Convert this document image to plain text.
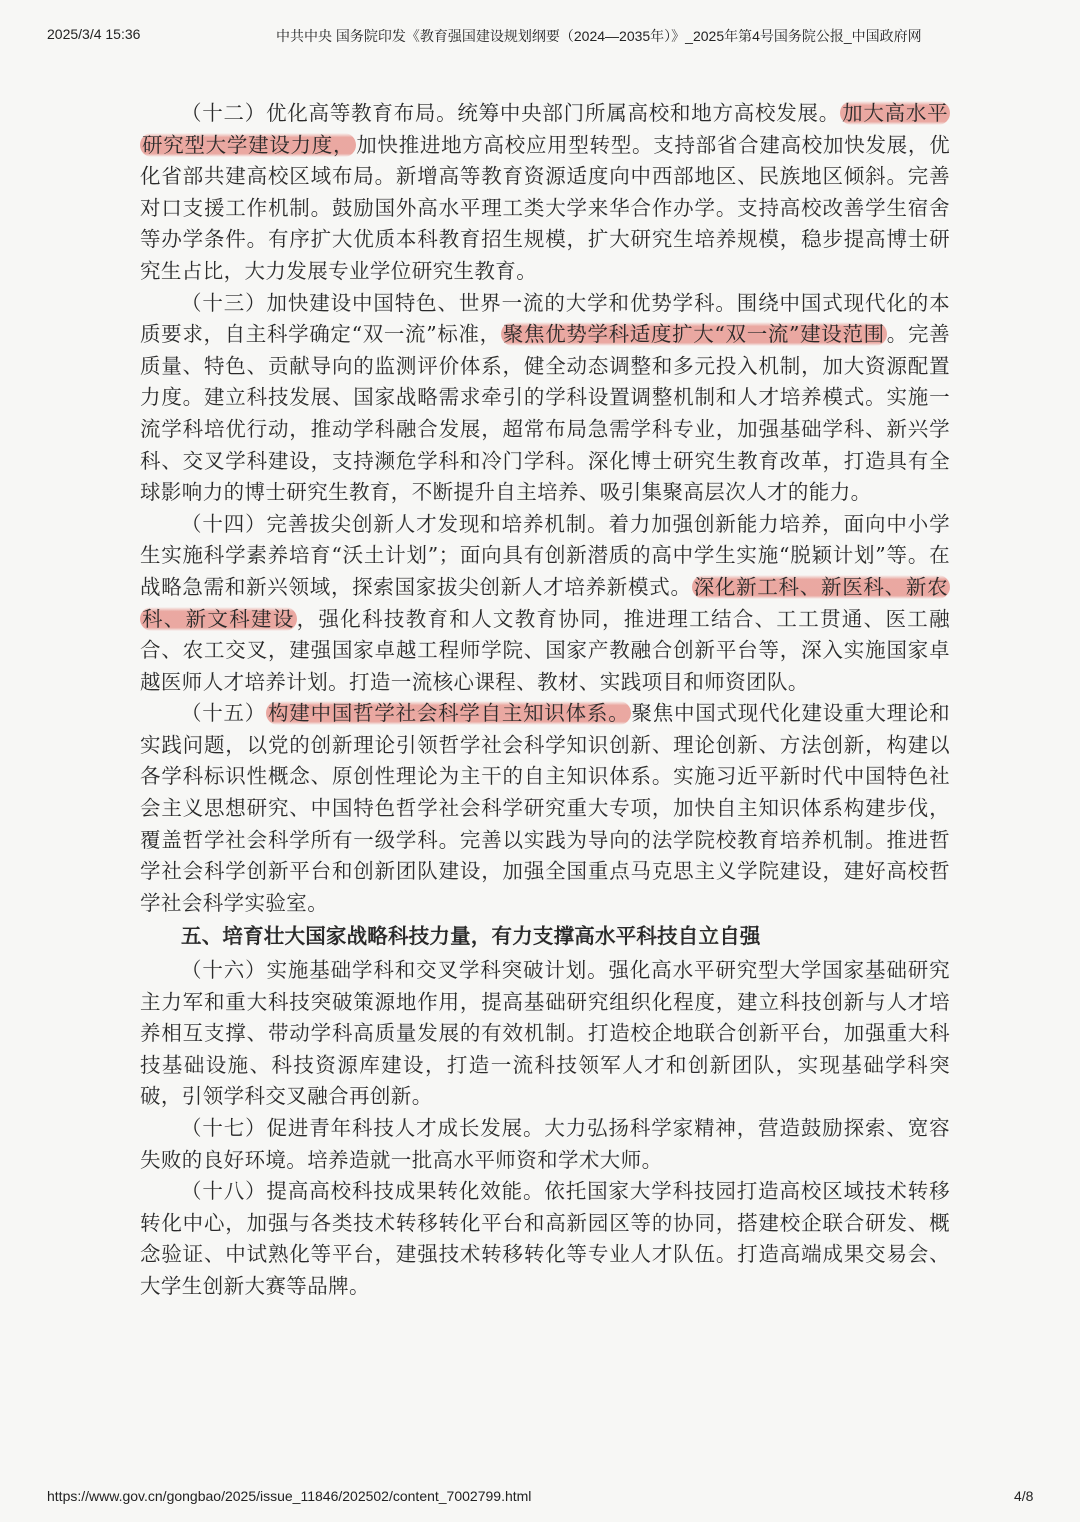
2025/3/4 15:36	中共中央 国务院印发《教育强国建设规划纲要（2024—2035年）》_2025年第4号国务院公报_中国政府网

（十二）优化高等教育布局。统筹中央部门所属高校和地方高校发展。加大高水平研究型大学建设力度，加快推进地方高校应用型转型。支持部省合建高校加快发展，优化省部共建高校区域布局。新增高等教育资源适度向中西部地区、民族地区倾斜。完善对口支援工作机制。鼓励国外高水平理工类大学来华合作办学。支持高校改善学生宿舍等办学条件。有序扩大优质本科教育招生规模，扩大研究生培养规模，稳步提高博士研究生占比，大力发展专业学位研究生教育。

（十三）加快建设中国特色、世界一流的大学和优势学科。围绕中国式现代化的本质要求，自主科学确定“双一流”标准，聚焦优势学科适度扩大“双一流”建设范围。完善质量、特色、贡献导向的监测评价体系，健全动态调整和多元投入机制，加大资源配置力度。建立科技发展、国家战略需求牵引的学科设置调整机制和人才培养模式。实施一流学科培优行动，推动学科融合发展，超常布局急需学科专业，加强基础学科、新兴学科、交叉学科建设，支持濒危学科和冷门学科。深化博士研究生教育改革，打造具有全球影响力的博士研究生教育，不断提升自主培养、吸引集聚高层次人才的能力。

（十四）完善拔尖创新人才发现和培养机制。着力加强创新能力培养，面向中小学生实施科学素养培育“沃土计划”；面向具有创新潜质的高中学生实施“脱颖计划”等。在战略急需和新兴领域，探索国家拔尖创新人才培养新模式。深化新工科、新医科、新农科、新文科建设，强化科技教育和人文教育协同，推进理工结合、工工贯通、医工融合、农工交叉，建强国家卓越工程师学院、国家产教融合创新平台等，深入实施国家卓越医师人才培养计划。打造一流核心课程、教材、实践项目和师资团队。

（十五）构建中国哲学社会科学自主知识体系。聚焦中国式现代化建设重大理论和实践问题，以党的创新理论引领哲学社会科学知识创新、理论创新、方法创新，构建以各学科标识性概念、原创性理论为主干的自主知识体系。实施习近平新时代中国特色社会主义思想研究、中国特色哲学社会科学研究重大专项，加快自主知识体系构建步伐，覆盖哲学社会科学所有一级学科。完善以实践为导向的法学院校教育培养机制。推进哲学社会科学创新平台和创新团队建设，加强全国重点马克思主义学院建设，建好高校哲学社会科学实验室。

五、培育壮大国家战略科技力量，有力支撑高水平科技自立自强

（十六）实施基础学科和交叉学科突破计划。强化高水平研究型大学国家基础研究主力军和重大科技突破策源地作用，提高基础研究组织化程度，建立科技创新与人才培养相互支撑、带动学科高质量发展的有效机制。打造校企地联合创新平台，加强重大科技基础设施、科技资源库建设，打造一流科技领军人才和创新团队，实现基础学科突破，引领学科交叉融合再创新。

（十七）促进青年科技人才成长发展。大力弘扬科学家精神，营造鼓励探索、宽容失败的良好环境。培养造就一批高水平师资和学术大师。

（十八）提高高校科技成果转化效能。依托国家大学科技园打造高校区域技术转移转化中心，加强与各类技术转移转化平台和高新园区等的协同，搭建校企联合研发、概念验证、中试熟化等平台，建强技术转移转化等专业人才队伍。打造高端成果交易会、大学生创新大赛等品牌。

https://www.gov.cn/gongbao/2025/issue_11846/202502/content_7002799.html	4/8
